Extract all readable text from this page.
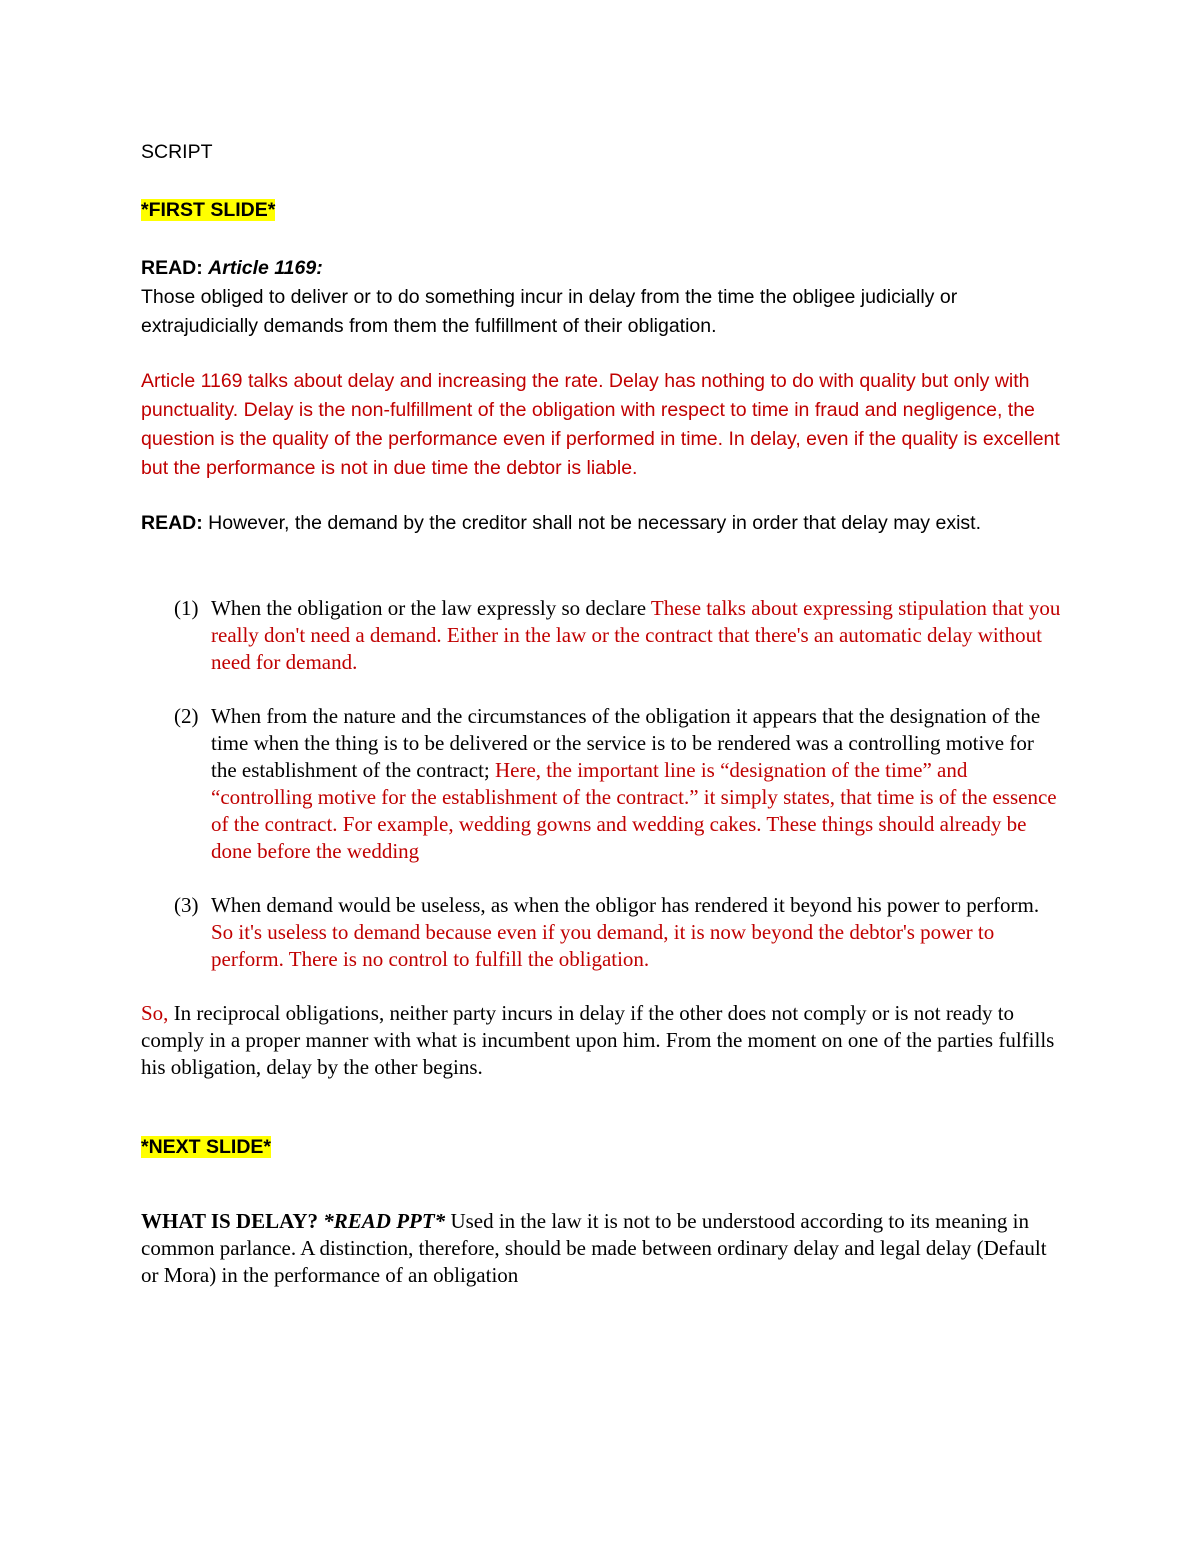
SCRIPT

*FIRST SLIDE*

READ: Article 1169:

Those obliged to deliver or to do something incur in delay from the time the obligee judicially or extrajudicially demands from them the fulfillment of their obligation.

Article 1169 talks about delay and increasing the rate. Delay has nothing to do with quality but only with punctuality. Delay is the non-fulfillment of the obligation with respect to time in fraud and negligence, the question is the quality of the performance even if performed in time. In delay, even if the quality is excellent but the performance is not in due time the debtor is liable.

READ: However, the demand by the creditor shall not be necessary in order that delay may exist.

(1) When the obligation or the law expressly so declare These talks about expressing stipulation that you really don't need a demand. Either in the law or the contract that there's an automatic delay without need for demand.
(2) When from the nature and the circumstances of the obligation it appears that the designation of the time when the thing is to be delivered or the service is to be rendered was a controlling motive for the establishment of the contract; Here, the important line is “designation of the time” and “controlling motive for the establishment of the contract.” it simply states, that time is of the essence of the contract. For example, wedding gowns and wedding cakes. These things should already be done before the wedding
(3) When demand would be useless, as when the obligor has rendered it beyond his power to perform. So it's useless to demand because even if you demand, it is now beyond the debtor's power to perform. There is no control to fulfill the obligation.

So, In reciprocal obligations, neither party incurs in delay if the other does not comply or is not ready to comply in a proper manner with what is incumbent upon him. From the moment on one of the parties fulfills his obligation, delay by the other begins.

*NEXT SLIDE*

WHAT IS DELAY? *READ PPT* Used in the law it is not to be understood according to its meaning in common parlance. A distinction, therefore, should be made between ordinary delay and legal delay (Default or Mora) in the performance of an obligation
